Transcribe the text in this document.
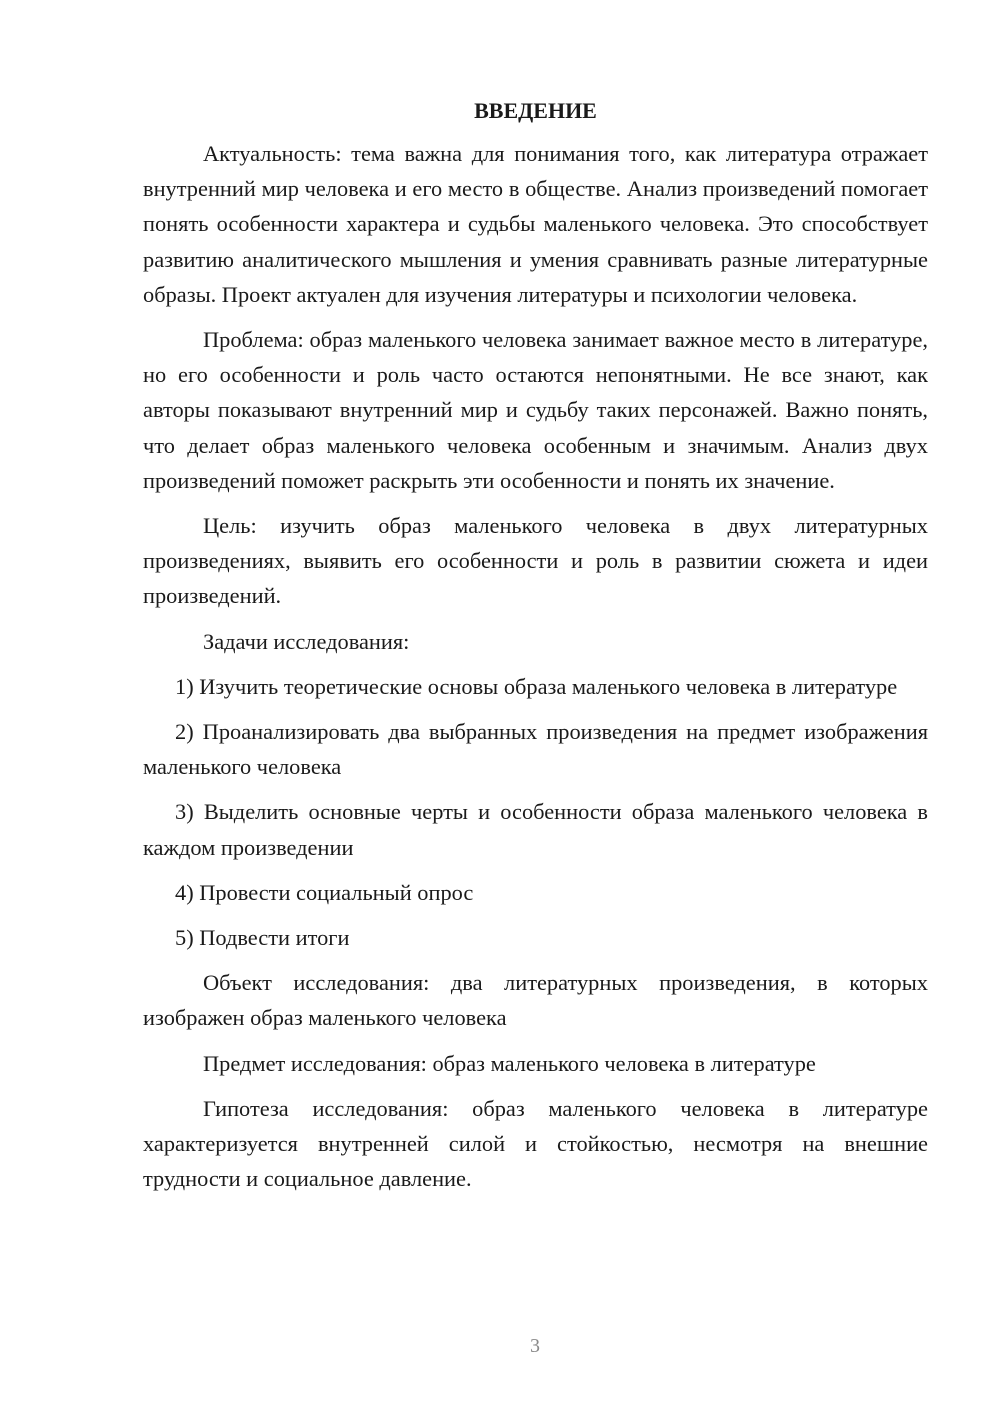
ВВЕДЕНИЕ

Актуальность: тема важна для понимания того, как литература отражает внутренний мир человека и его место в обществе. Анализ произведений помогает понять особенности характера и судьбы маленького человека. Это способствует развитию аналитического мышления и умения сравнивать разные литературные образы. Проект актуален для изучения литературы и психологии человека.

Проблема: образ маленького человека занимает важное место в литературе, но его особенности и роль часто остаются непонятными. Не все знают, как авторы показывают внутренний мир и судьбу таких персонажей. Важно понять, что делает образ маленького человека особенным и значимым. Анализ двух произведений поможет раскрыть эти особенности и понять их значение.

Цель: изучить образ маленького человека в двух литературных произведениях, выявить его особенности и роль в развитии сюжета и идеи произведений.

Задачи исследования:

1) Изучить теоретические основы образа маленького человека в литературе

2) Проанализировать два выбранных произведения на предмет изображения маленького человека

3) Выделить основные черты и особенности образа маленького человека в каждом произведении

4) Провести социальный опрос

5) Подвести итоги

Объект исследования: два литературных произведения, в которых изображен образ маленького человека

Предмет исследования: образ маленького человека в литературе

Гипотеза исследования: образ маленького человека в литературе характеризуется внутренней силой и стойкостью, несмотря на внешние трудности и социальное давление.

3
